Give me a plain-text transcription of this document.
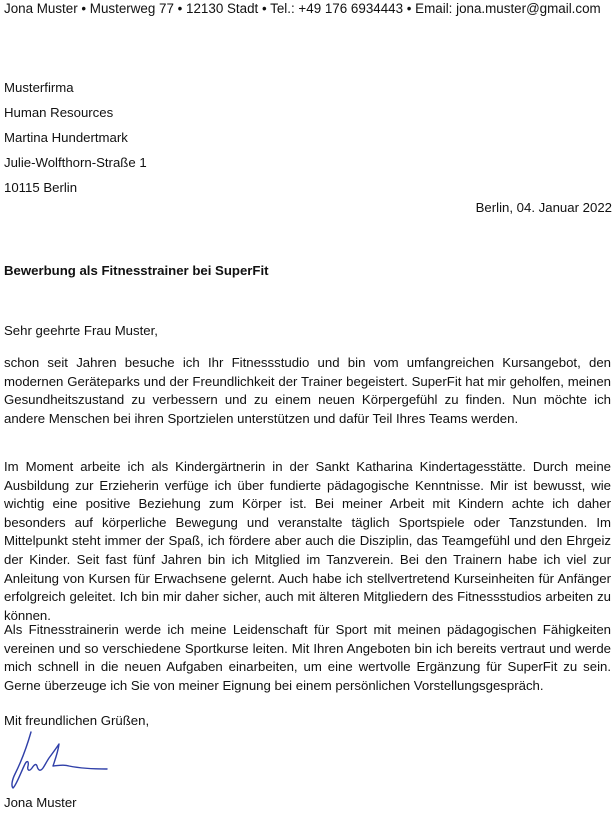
Jona Muster • Musterweg 77 • 12130 Stadt • Tel.: +49 176 6934443 • Email: jona.muster@gmail.com
Musterfirma
Human Resources
Martina Hundertmark
Julie-Wolfthorn-Straße 1
10115 Berlin
Berlin, 04. Januar 2022
Bewerbung als Fitnesstrainer bei SuperFit
Sehr geehrte Frau Muster,

schon seit Jahren besuche ich Ihr Fitnessstudio und bin vom umfangreichen Kursangebot, den modernen Geräteparks und der Freundlichkeit der Trainer begeistert. SuperFit hat mir geholfen, meinen Gesundheitszustand zu verbessern und zu einem neuen Körpergefühl zu finden. Nun möchte ich andere Menschen bei ihren Sportzielen unterstützen und dafür Teil Ihres Teams werden.

Im Moment arbeite ich als Kindergärtnerin in der Sankt Katharina Kindertagesstätte. Durch meine Ausbildung zur Erzieherin verfüge ich über fundierte pädagogische Kenntnisse. Mir ist bewusst, wie wichtig eine positive Beziehung zum Körper ist. Bei meiner Arbeit mit Kindern achte ich daher besonders auf körperliche Bewegung und veranstalte täglich Sportspiele oder Tanzstunden. Im Mittelpunkt steht immer der Spaß, ich fördere aber auch die Disziplin, das Teamgefühl und den Ehrgeiz der Kinder. Seit fast fünf Jahren bin ich Mitglied im Tanzverein. Bei den Trainern habe ich viel zur Anleitung von Kursen für Erwachsene gelernt. Auch habe ich stellvertretend Kurseinheiten für Anfänger erfolgreich geleitet. Ich bin mir daher sicher, auch mit älteren Mitgliedern des Fitnessstudios arbeiten zu können.

Als Fitnesstrainerin werde ich meine Leidenschaft für Sport mit meinen pädagogischen Fähigkeiten vereinen und so verschiedene Sportkurse leiten. Mit Ihren Angeboten bin ich bereits vertraut und werde mich schnell in die neuen Aufgaben einarbeiten, um eine wertvolle Ergänzung für SuperFit zu sein. Gerne überzeuge ich Sie von meiner Eignung bei einem persönlichen Vorstellungsgespräch.

Mit freundlichen Grüßen,
Jona Muster
